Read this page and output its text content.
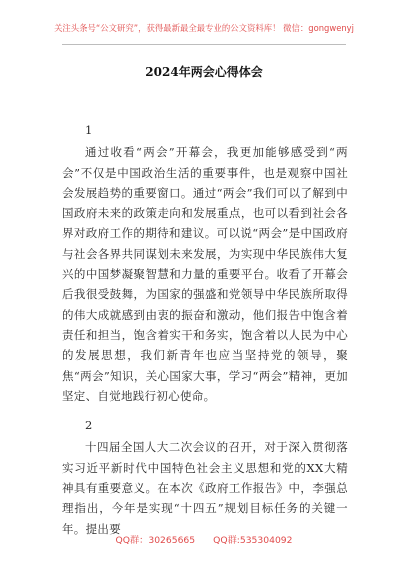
关注头条号“公文研究”，获得最新最全最专业的公文资料库！ 微信：gongwenyj
2024年两会心得体会
1

通过收看“两会”开幕会，我更加能够感受到“两会”不仅是中国政治生活的重要事件，也是观察中国社会发展趋势的重要窗口。通过“两会”我们可以了解到中国政府未来的政策走向和发展重点，也可以看到社会各界对政府工作的期待和建议。可以说“两会”是中国政府与社会各界共同谋划未来发展，为实现中华民族伟大复兴的中国梦凝聚智慧和力量的重要平台。收看了开幕会后我很受鼓舞，为国家的强盛和党领导中华民族所取得的伟大成就感到由衷的振奋和激动，他们报告中饱含着责任和担当，饱含着实干和务实，饱含着以人民为中心的发展思想，我们新青年也应当坚持党的领导，聚焦“两会”知识，关心国家大事，学习“两会”精神，更加坚定、自觉地践行初心使命。

2

十四届全国人大二次会议的召开，对于深入贯彻落实习近平新时代中国特色社会主义思想和党的XX大精神具有重要意义。在本次《政府工作报告》中，李强总理指出，今年是实现“十四五”规划目标任务的关键一年。提出要

QQ群：30265665 QQ群:535304092
